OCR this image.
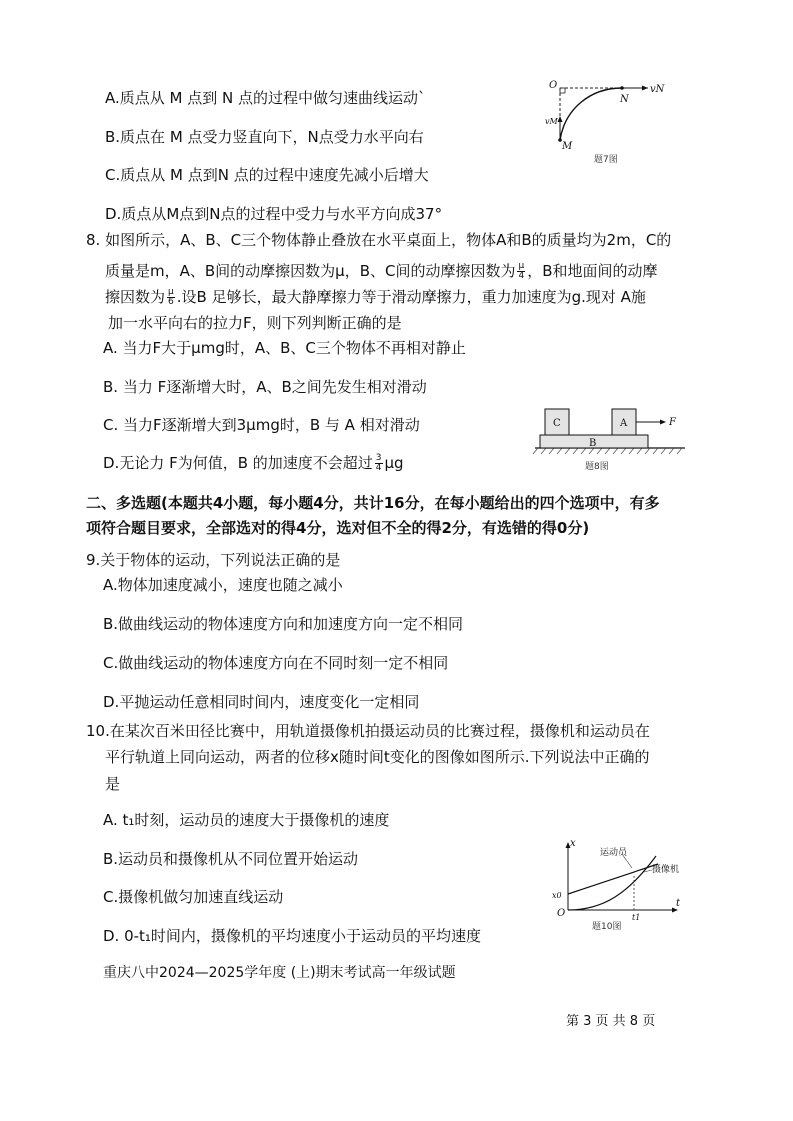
A.质点从 M 点到 N 点的过程中做匀速曲线运动`
B.质点在 M 点受力竖直向下，N点受力水平向右
C.质点从 M 点到N 点的过程中速度先减小后增大
D.质点从M点到N点的过程中受力与水平方向成37°
O
N
vN
vM
M
题7图
8. 如图所示，A、B、C三个物体静止叠放在水平桌面上，物体A和B的质量均为2m，C的
质量是m，A、B间的动摩擦因数为μ，B、C间的动摩擦因数为 $\frac{\mu}{4}$ ，B和地面间的动摩
擦因数为 $\frac{\mu}{6}$ .设B 足够长，最大静摩擦力等于滑动摩擦力，重力加速度为g.现对 A施
加一水平向右的拉力F，则下列判断正确的是
A. 当力F大于μmg时，A、B、C三个物体不再相对静止
B. 当力 F逐渐增大时，A、B之间先发生相对滑动
C. 当力F逐渐增大到3μmg时，B 与 A 相对滑动
D.无论力 F为何值，B 的加速度不会超过 $\frac{3}{4}$ μg
C	A
B
F
题8图
二、多选题(本题共4小题，每小题4分，共计16分，在每小题给出的四个选项中，有多
项符合题目要求，全部选对的得4分，选对但不全的得2分，有选错的得0分)
9.关于物体的运动，下列说法正确的是
A.物体加速度减小，速度也随之减小
B.做曲线运动的物体速度方向和加速度方向一定不相同
C.做曲线运动的物体速度方向在不同时刻一定不相同
D.平抛运动任意相同时间内，速度变化一定相同
10.在某次百米田径比赛中，用轨道摄像机拍摄运动员的比赛过程，摄像机和运动员在
平行轨道上同向运动，两者的位移x随时间t变化的图像如图所示.下列说法中正确的
是
A. t₁时刻，运动员的速度大于摄像机的速度
B.运动员和摄像机从不同位置开始运动
C.摄像机做匀加速直线运动
D. 0-t₁时间内，摄像机的平均速度小于运动员的平均速度
运动员
摄像机
x
t
O
x0
t1
题10图
重庆八中2024—2025学年度 (上)期末考试高一年级试题
第 3 页 共 8 页
